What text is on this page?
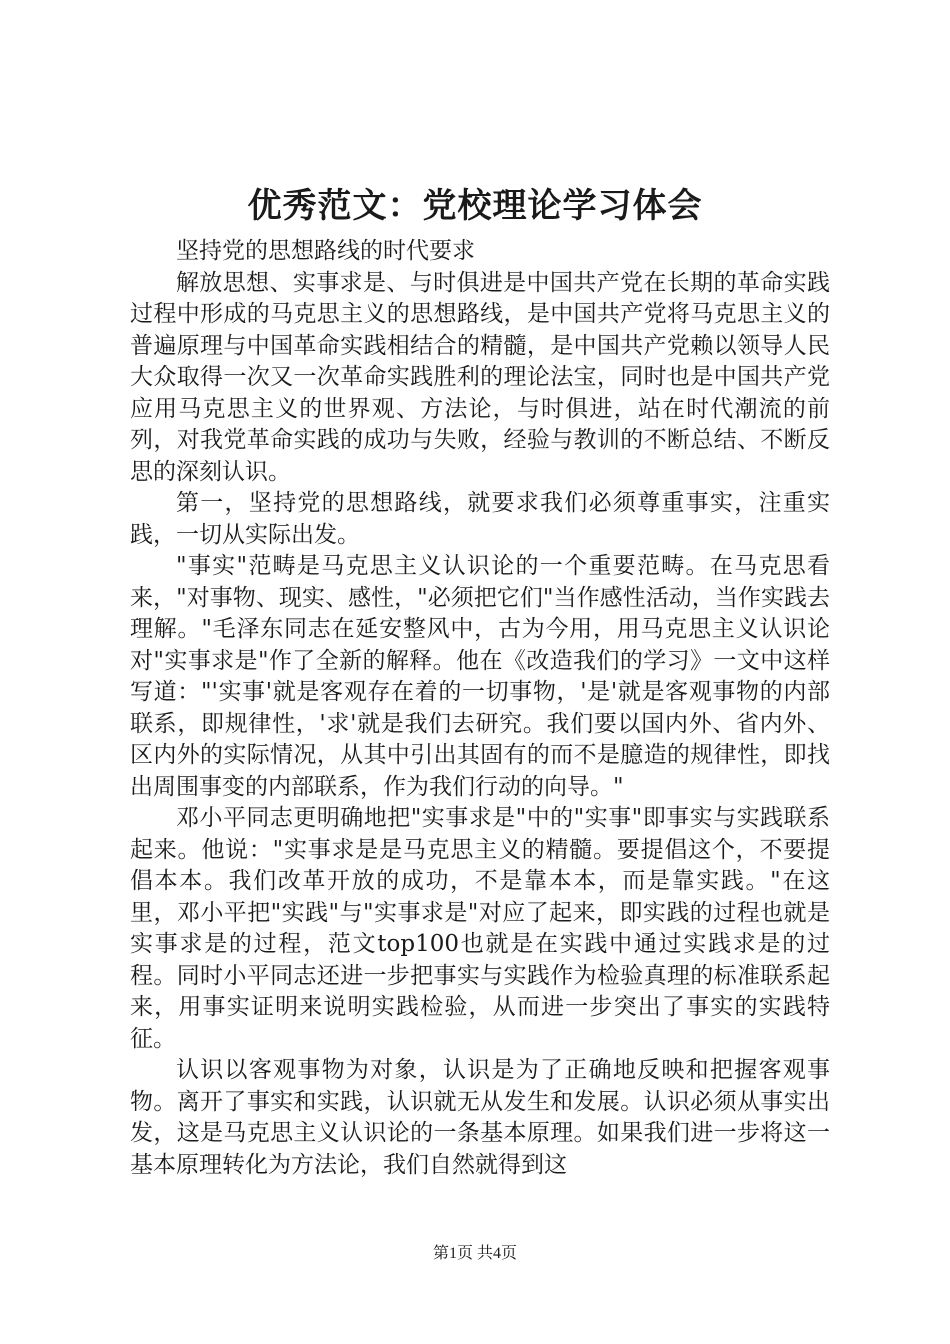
优秀范文：党校理论学习体会

坚持党的思想路线的时代要求

解放思想、实事求是、与时俱进是中国共产党在长期的革命实践过程中形成的马克思主义的思想路线，是中国共产党将马克思主义的普遍原理与中国革命实践相结合的精髓，是中国共产党赖以领导人民大众取得一次又一次革命实践胜利的理论法宝，同时也是中国共产党应用马克思主义的世界观、方法论，与时俱进，站在时代潮流的前列，对我党革命实践的成功与失败，经验与教训的不断总结、不断反思的深刻认识。

第一，坚持党的思想路线，就要求我们必须尊重事实，注重实践，一切从实际出发。

"事实"范畴是马克思主义认识论的一个重要范畴。在马克思看来，"对事物、现实、感性，"必须把它们"当作感性活动，当作实践去理解。"毛泽东同志在延安整风中，古为今用，用马克思主义认识论对"实事求是"作了全新的解释。他在《改造我们的学习》一文中这样写道："'实事'就是客观存在着的一切事物，'是'就是客观事物的内部联系，即规律性，'求'就是我们去研究。我们要以国内外、省内外、区内外的实际情况，从其中引出其固有的而不是臆造的规律性，即找出周围事变的内部联系，作为我们行动的向导。"

邓小平同志更明确地把"实事求是"中的"实事"即事实与实践联系起来。他说："实事求是是马克思主义的精髓。要提倡这个，不要提倡本本。我们改革开放的成功，不是靠本本，而是靠实践。"在这里，邓小平把"实践"与"实事求是"对应了起来，即实践的过程也就是实事求是的过程，范文top100也就是在实践中通过实践求是的过程。同时小平同志还进一步把事实与实践作为检验真理的标准联系起来，用事实证明来说明实践检验，从而进一步突出了事实的实践特征。

认识以客观事物为对象，认识是为了正确地反映和把握客观事物。离开了事实和实践，认识就无从发生和发展。认识必须从事实出发，这是马克思主义认识论的一条基本原理。如果我们进一步将这一基本原理转化为方法论，我们自然就得到这

第1页 共4页
